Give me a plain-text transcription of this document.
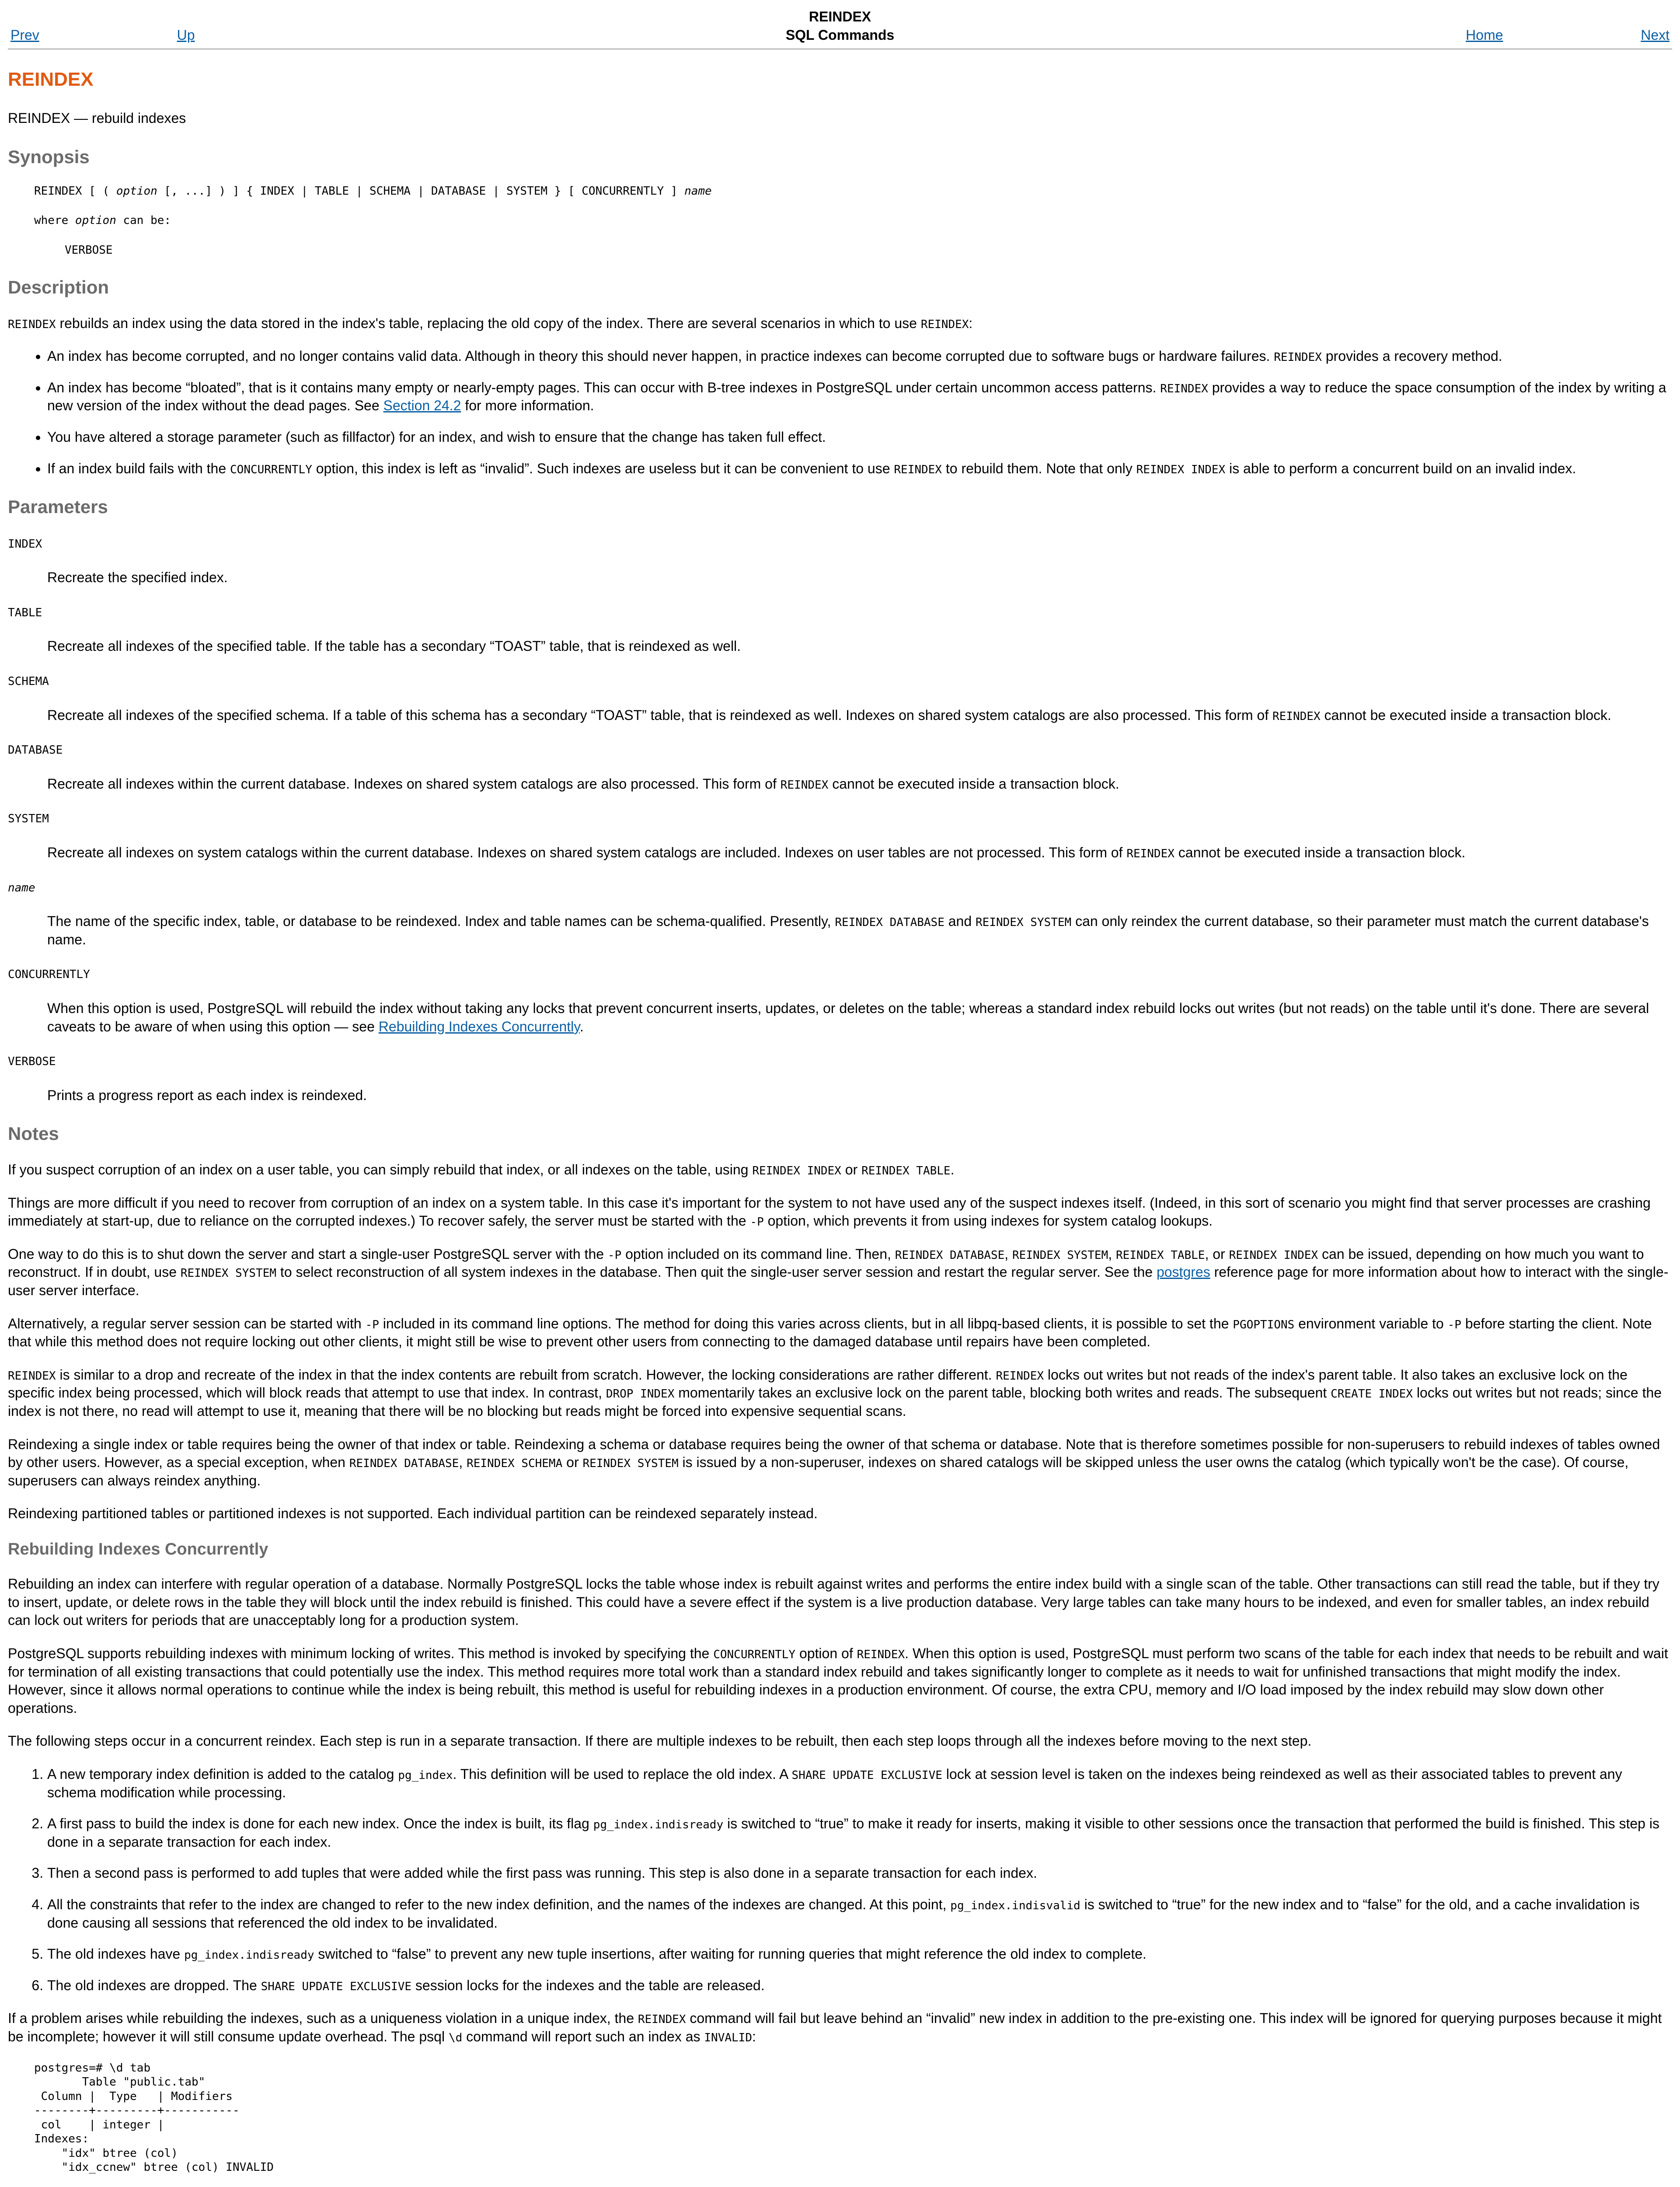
REINDEX
Prev	Up	SQL Commands	Home	Next
REINDEX

REINDEX — rebuild indexes

Synopsis
REINDEX [ ( option [, ...] ) ] { INDEX | TABLE | SCHEMA | DATABASE | SYSTEM } [ CONCURRENTLY ] name
where option can be:
VERBOSE
Description

REINDEX rebuilds an index using the data stored in the index's table, replacing the old copy of the index. There are several scenarios in which to use REINDEX:

• An index has become corrupted, and no longer contains valid data. Although in theory this should never happen, in practice indexes can become corrupted due to software bugs or hardware failures. REINDEX provides a recovery method.
• An index has become “bloated”, that is it contains many empty or nearly-empty pages. This can occur with B-tree indexes in PostgreSQL under certain uncommon access patterns. REINDEX provides a way to reduce the space consumption of the index by writing a new version of the index without the dead pages. See Section 24.2 for more information.
• You have altered a storage parameter (such as fillfactor) for an index, and wish to ensure that the change has taken full effect.
• If an index build fails with the CONCURRENTLY option, this index is left as “invalid”. Such indexes are useless but it can be convenient to use REINDEX to rebuild them. Note that only REINDEX INDEX is able to perform a concurrent build on an invalid index.
Parameters
INDEX
Recreate the specified index.
TABLE
Recreate all indexes of the specified table. If the table has a secondary “TOAST” table, that is reindexed as well.
SCHEMA
Recreate all indexes of the specified schema. If a table of this schema has a secondary “TOAST” table, that is reindexed as well. Indexes on shared system catalogs are also processed. This form of REINDEX cannot be executed inside a transaction block.
DATABASE
Recreate all indexes within the current database. Indexes on shared system catalogs are also processed. This form of REINDEX cannot be executed inside a transaction block.
SYSTEM
Recreate all indexes on system catalogs within the current database. Indexes on shared system catalogs are included. Indexes on user tables are not processed. This form of REINDEX cannot be executed inside a transaction block.
name
The name of the specific index, table, or database to be reindexed. Index and table names can be schema-qualified. Presently, REINDEX DATABASE and REINDEX SYSTEM can only reindex the current database, so their parameter must match the current database's name.
CONCURRENTLY
When this option is used, PostgreSQL will rebuild the index without taking any locks that prevent concurrent inserts, updates, or deletes on the table; whereas a standard index rebuild locks out writes (but not reads) on the table until it's done. There are several caveats to be aware of when using this option — see Rebuilding Indexes Concurrently.
VERBOSE
Prints a progress report as each index is reindexed.
Notes

If you suspect corruption of an index on a user table, you can simply rebuild that index, or all indexes on the table, using REINDEX INDEX or REINDEX TABLE.

Things are more difficult if you need to recover from corruption of an index on a system table. In this case it's important for the system to not have used any of the suspect indexes itself. (Indeed, in this sort of scenario you might find that server processes are crashing immediately at start-up, due to reliance on the corrupted indexes.) To recover safely, the server must be started with the -P option, which prevents it from using indexes for system catalog lookups.

One way to do this is to shut down the server and start a single-user PostgreSQL server with the -P option included on its command line. Then, REINDEX DATABASE, REINDEX SYSTEM, REINDEX TABLE, or REINDEX INDEX can be issued, depending on how much you want to reconstruct. If in doubt, use REINDEX SYSTEM to select reconstruction of all system indexes in the database. Then quit the single-user server session and restart the regular server. See the postgres reference page for more information about how to interact with the single-user server interface.

Alternatively, a regular server session can be started with -P included in its command line options. The method for doing this varies across clients, but in all libpq-based clients, it is possible to set the PGOPTIONS environment variable to -P before starting the client. Note that while this method does not require locking out other clients, it might still be wise to prevent other users from connecting to the damaged database until repairs have been completed.

REINDEX is similar to a drop and recreate of the index in that the index contents are rebuilt from scratch. However, the locking considerations are rather different. REINDEX locks out writes but not reads of the index's parent table. It also takes an exclusive lock on the specific index being processed, which will block reads that attempt to use that index. In contrast, DROP INDEX momentarily takes an exclusive lock on the parent table, blocking both writes and reads. The subsequent CREATE INDEX locks out writes but not reads; since the index is not there, no read will attempt to use it, meaning that there will be no blocking but reads might be forced into expensive sequential scans.

Reindexing a single index or table requires being the owner of that index or table. Reindexing a schema or database requires being the owner of that schema or database. Note that is therefore sometimes possible for non-superusers to rebuild indexes of tables owned by other users. However, as a special exception, when REINDEX DATABASE, REINDEX SCHEMA or REINDEX SYSTEM is issued by a non-superuser, indexes on shared catalogs will be skipped unless the user owns the catalog (which typically won't be the case). Of course, superusers can always reindex anything.

Reindexing partitioned tables or partitioned indexes is not supported. Each individual partition can be reindexed separately instead.

Rebuilding Indexes Concurrently

Rebuilding an index can interfere with regular operation of a database. Normally PostgreSQL locks the table whose index is rebuilt against writes and performs the entire index build with a single scan of the table. Other transactions can still read the table, but if they try to insert, update, or delete rows in the table they will block until the index rebuild is finished. This could have a severe effect if the system is a live production database. Very large tables can take many hours to be indexed, and even for smaller tables, an index rebuild can lock out writers for periods that are unacceptably long for a production system.

PostgreSQL supports rebuilding indexes with minimum locking of writes. This method is invoked by specifying the CONCURRENTLY option of REINDEX. When this option is used, PostgreSQL must perform two scans of the table for each index that needs to be rebuilt and wait for termination of all existing transactions that could potentially use the index. This method requires more total work than a standard index rebuild and takes significantly longer to complete as it needs to wait for unfinished transactions that might modify the index. However, since it allows normal operations to continue while the index is being rebuilt, this method is useful for rebuilding indexes in a production environment. Of course, the extra CPU, memory and I/O load imposed by the index rebuild may slow down other operations.

The following steps occur in a concurrent reindex. Each step is run in a separate transaction. If there are multiple indexes to be rebuilt, then each step loops through all the indexes before moving to the next step.

1. A new temporary index definition is added to the catalog pg_index. This definition will be used to replace the old index. A SHARE UPDATE EXCLUSIVE lock at session level is taken on the indexes being reindexed as well as their associated tables to prevent any schema modification while processing.
2. A first pass to build the index is done for each new index. Once the index is built, its flag pg_index.indisready is switched to “true” to make it ready for inserts, making it visible to other sessions once the transaction that performed the build is finished. This step is done in a separate transaction for each index.
3. Then a second pass is performed to add tuples that were added while the first pass was running. This step is also done in a separate transaction for each index.
4. All the constraints that refer to the index are changed to refer to the new index definition, and the names of the indexes are changed. At this point, pg_index.indisvalid is switched to “true” for the new index and to “false” for the old, and a cache invalidation is done causing all sessions that referenced the old index to be invalidated.
5. The old indexes have pg_index.indisready switched to “false” to prevent any new tuple insertions, after waiting for running queries that might reference the old index to complete.
6. The old indexes are dropped. The SHARE UPDATE EXCLUSIVE session locks for the indexes and the table are released.

If a problem arises while rebuilding the indexes, such as a uniqueness violation in a unique index, the REINDEX command will fail but leave behind an “invalid” new index in addition to the pre-existing one. This index will be ignored for querying purposes because it might be incomplete; however it will still consume update overhead. The psql \d command will report such an index as INVALID:

postgres=# \d tab
Table "public.tab"
Column |  Type   | Modifiers
--------+---------+-----------
col    | integer |
Indexes:
"idx" btree (col)
"idx_ccnew" btree (col) INVALID
